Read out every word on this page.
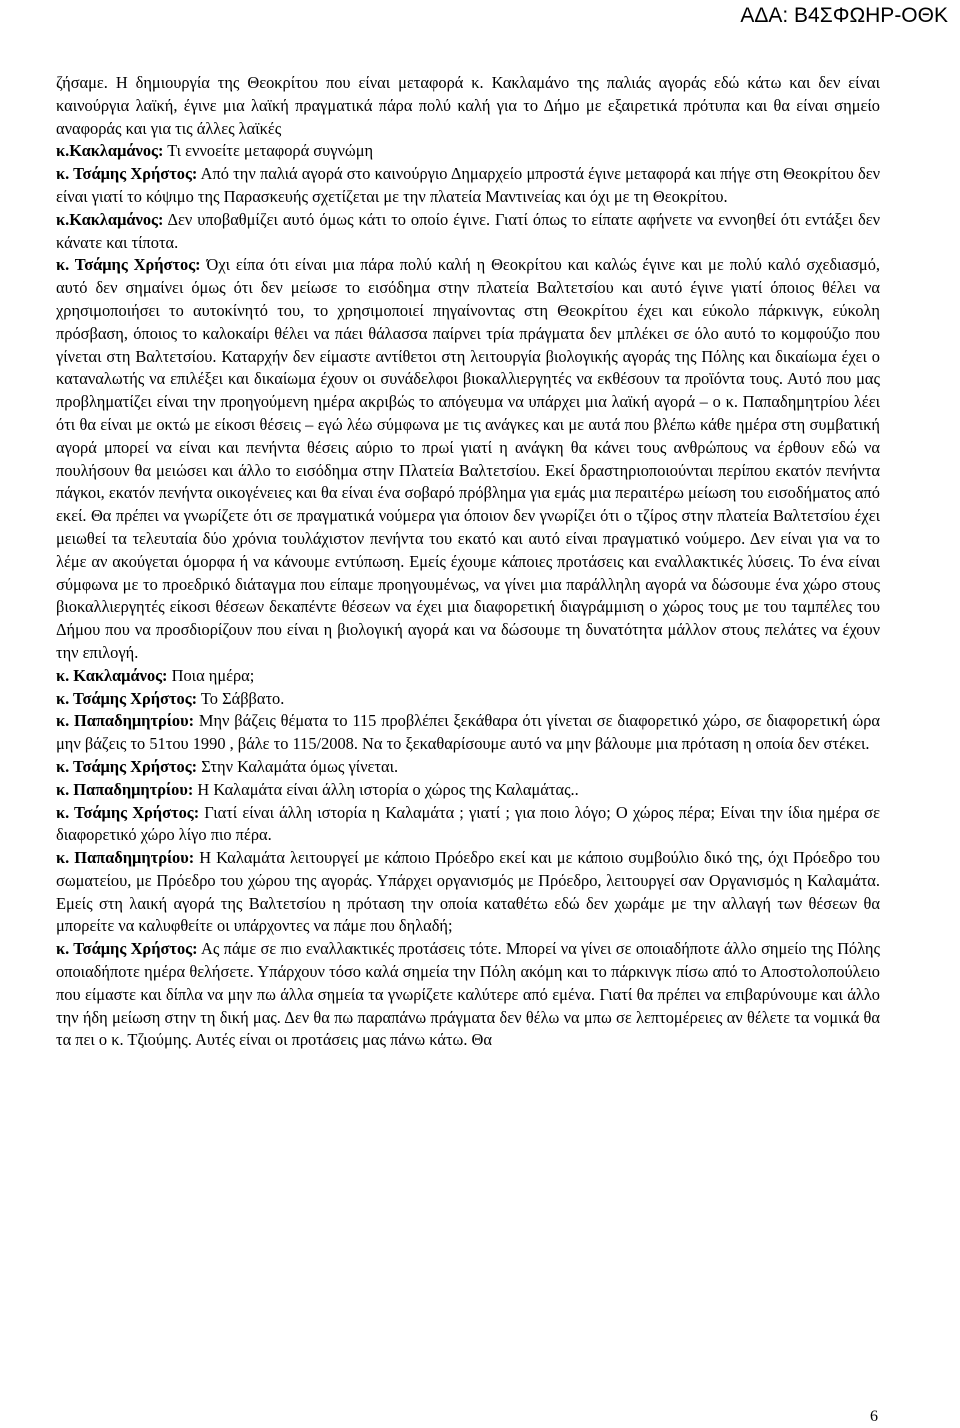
ΑΔΑ: Β4ΣΦΩΗΡ-ΟΘΚ

ζήσαμε. Η δημιουργία της Θεοκρίτου που είναι μεταφορά κ. Κακλαμάνο της παλιάς αγοράς εδώ κάτω και δεν είναι καινούργια λαϊκή, έγινε μια λαϊκή πραγματικά πάρα πολύ καλή για το Δήμο με εξαιρετικά πρότυπα και θα είναι σημείο αναφοράς και για τις άλλες λαϊκές

κ.Κακλαμάνος: Τι εννοείτε μεταφορά συγνώμη

κ. Τσάμης Χρήστος: Από την παλιά αγορά στο καινούργιο Δημαρχείο μπροστά έγινε μεταφορά και πήγε στη Θεοκρίτου δεν είναι γιατί το κόψιμο της Παρασκευής σχετίζεται με την πλατεία Μαντινείας και όχι με τη Θεοκρίτου.

κ.Κακλαμάνος: Δεν υποβαθμίζει αυτό όμως κάτι το οποίο έγινε. Γιατί όπως το είπατε αφήνετε να εννοηθεί ότι εντάξει δεν κάνατε και τίποτα.

κ. Τσάμης Χρήστος: Όχι είπα ότι είναι μια πάρα πολύ καλή η Θεοκρίτου και καλώς έγινε και με πολύ καλό σχεδιασμό, αυτό δεν σημαίνει όμως ότι δεν μείωσε το εισόδημα στην πλατεία Βαλτετσίου και αυτό έγινε γιατί όποιος θέλει να χρησιμοποιήσει το αυτοκίνητό του, το χρησιμοποιεί πηγαίνοντας στη Θεοκρίτου έχει και εύκολο πάρκινγκ, εύκολη πρόσβαση, όποιος το καλοκαίρι θέλει να πάει θάλασσα παίρνει τρία πράγματα δεν μπλέκει σε όλο αυτό το κομφούζιο που γίνεται στη Βαλτετσίου. Καταρχήν δεν είμαστε αντίθετοι στη λειτουργία βιολογικής αγοράς της Πόλης και δικαίωμα έχει ο καταναλωτής να επιλέξει και δικαίωμα έχουν οι συνάδελφοι βιοκαλλιεργητές να εκθέσουν τα προϊόντα τους. Αυτό που μας προβληματίζει είναι την προηγούμενη ημέρα ακριβώς το απόγευμα να υπάρχει μια λαϊκή αγορά – ο κ. Παπαδημητρίου λέει ότι θα είναι με οκτώ με είκοσι θέσεις – εγώ λέω σύμφωνα με τις ανάγκες και με αυτά που βλέπω κάθε ημέρα στη συμβατική αγορά μπορεί να είναι και πενήντα θέσεις αύριο το πρωί γιατί η ανάγκη θα κάνει τους ανθρώπους να έρθουν εδώ να πουλήσουν θα μειώσει και άλλο το εισόδημα στην Πλατεία Βαλτετσίου. Εκεί δραστηριοποιούνται περίπου εκατόν πενήντα πάγκοι, εκατόν πενήντα οικογένειες και θα είναι ένα σοβαρό πρόβλημα για εμάς μια περαιτέρω μείωση του εισοδήματος από εκεί. Θα πρέπει να γνωρίζετε ότι σε πραγματικά νούμερα για όποιον δεν γνωρίζει ότι ο τζίρος στην πλατεία Βαλτετσίου έχει μειωθεί τα τελευταία δύο χρόνια τουλάχιστον πενήντα του εκατό και αυτό είναι πραγματικό νούμερο. Δεν είναι για να το λέμε αν ακούγεται όμορφα ή να κάνουμε εντύπωση. Εμείς έχουμε κάποιες προτάσεις και εναλλακτικές λύσεις. Το ένα είναι σύμφωνα με το προεδρικό διάταγμα που είπαμε προηγουμένως, να γίνει μια παράλληλη αγορά να δώσουμε ένα χώρο στους βιοκαλλιεργητές είκοσι θέσεων δεκαπέντε θέσεων να έχει μια διαφορετική διαγράμμιση ο χώρος τους με του ταμπέλες του Δήμου που να προσδιορίζουν που είναι η βιολογική αγορά και να δώσουμε τη δυνατότητα μάλλον στους πελάτες να έχουν την επιλογή.

κ. Κακλαμάνος: Ποια ημέρα;

κ. Τσάμης Χρήστος: Το Σάββατο.

κ. Παπαδημητρίου: Μην βάζεις θέματα το 115 προβλέπει ξεκάθαρα ότι γίνεται σε διαφορετικό χώρο, σε διαφορετική ώρα μην βάζεις το 51του 1990 , βάλε το 115/2008. Να το ξεκαθαρίσουμε αυτό να μην βάλουμε μια πρόταση η οποία δεν στέκει.

κ. Τσάμης Χρήστος: Στην Καλαμάτα όμως γίνεται.

κ. Παπαδημητρίου: Η Καλαμάτα είναι άλλη ιστορία ο χώρος της Καλαμάτας..

κ. Τσάμης Χρήστος: Γιατί είναι άλλη ιστορία η Καλαμάτα ; γιατί ; για ποιο λόγο; Ο χώρος πέρα; Είναι την ίδια ημέρα σε διαφορετικό χώρο λίγο πιο πέρα.

κ. Παπαδημητρίου: Η Καλαμάτα λειτουργεί με κάποιο Πρόεδρο εκεί και με κάποιο συμβούλιο δικό της, όχι Πρόεδρο του σωματείου, με Πρόεδρο του χώρου της αγοράς. Υπάρχει οργανισμός με Πρόεδρο, λειτουργεί σαν Οργανισμός η Καλαμάτα. Εμείς στη λαική αγορά της Βαλτετσίου η πρόταση την οποία καταθέτω εδώ δεν χωράμε με την αλλαγή των θέσεων θα μπορείτε να καλυφθείτε οι υπάρχοντες να πάμε που δηλαδή;

κ. Τσάμης Χρήστος: Ας πάμε σε πιο εναλλακτικές προτάσεις τότε. Μπορεί να γίνει σε οποιαδήποτε άλλο σημείο της Πόλης οποιαδήποτε ημέρα θελήσετε. Υπάρχουν τόσο καλά σημεία την Πόλη ακόμη και το πάρκινγκ πίσω από το Αποστολοπούλειο που είμαστε και δίπλα να μην πω άλλα σημεία τα γνωρίζετε καλύτερε από εμένα. Γιατί θα πρέπει να επιβαρύνουμε και άλλο την ήδη μείωση στην τη δική μας. Δεν θα πω παραπάνω πράγματα δεν θέλω να μπω σε λεπτομέρειες αν θέλετε τα νομικά θα τα πει ο κ. Τζιούμης. Αυτές είναι οι προτάσεις μας πάνω κάτω. Θα

6
